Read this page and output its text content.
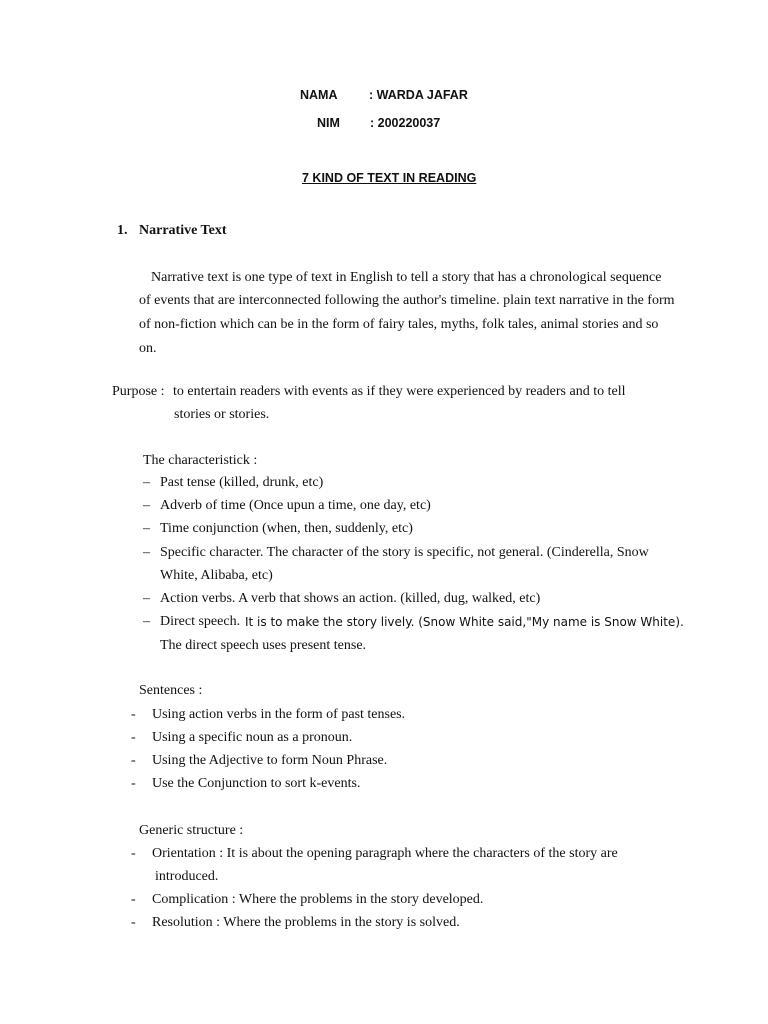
NAMA	: WARDA JAFAR
NIM : 200220037
7 KIND OF TEXT IN READING
1. Narrative Text
Narrative text is one type of text in English to tell a story that has a chronological sequence
of events that are interconnected following the author's timeline. plain text narrative in the form
of non-fiction which can be in the form of fairy tales, myths, folk tales, animal stories and so
on.
Purpose : to entertain readers with events as if they were experienced by readers and to tell
stories or stories.
The characteristick :
– Past tense (killed, drunk, etc)
– Adverb of time (Once upun a time, one day, etc)
– Time conjunction (when, then, suddenly, etc)
– Specific character. The character of the story is specific, not general. (Cinderella, Snow
White, Alibaba, etc)
– Action verbs. A verb that shows an action. (killed, dug, walked, etc)
– Direct speech. It is to make the story lively. (Snow White said,"My name is Snow White).
The direct speech uses present tense.
Sentences :
- Using action verbs in the form of past tenses.
- Using a specific noun as a pronoun.
- Using the Adjective to form Noun Phrase.
- Use the Conjunction to sort k-events.
Generic structure :
- Orientation : It is about the opening paragraph where the characters of the story are
introduced.
- Complication : Where the problems in the story developed.
- Resolution : Where the problems in the story is solved.
